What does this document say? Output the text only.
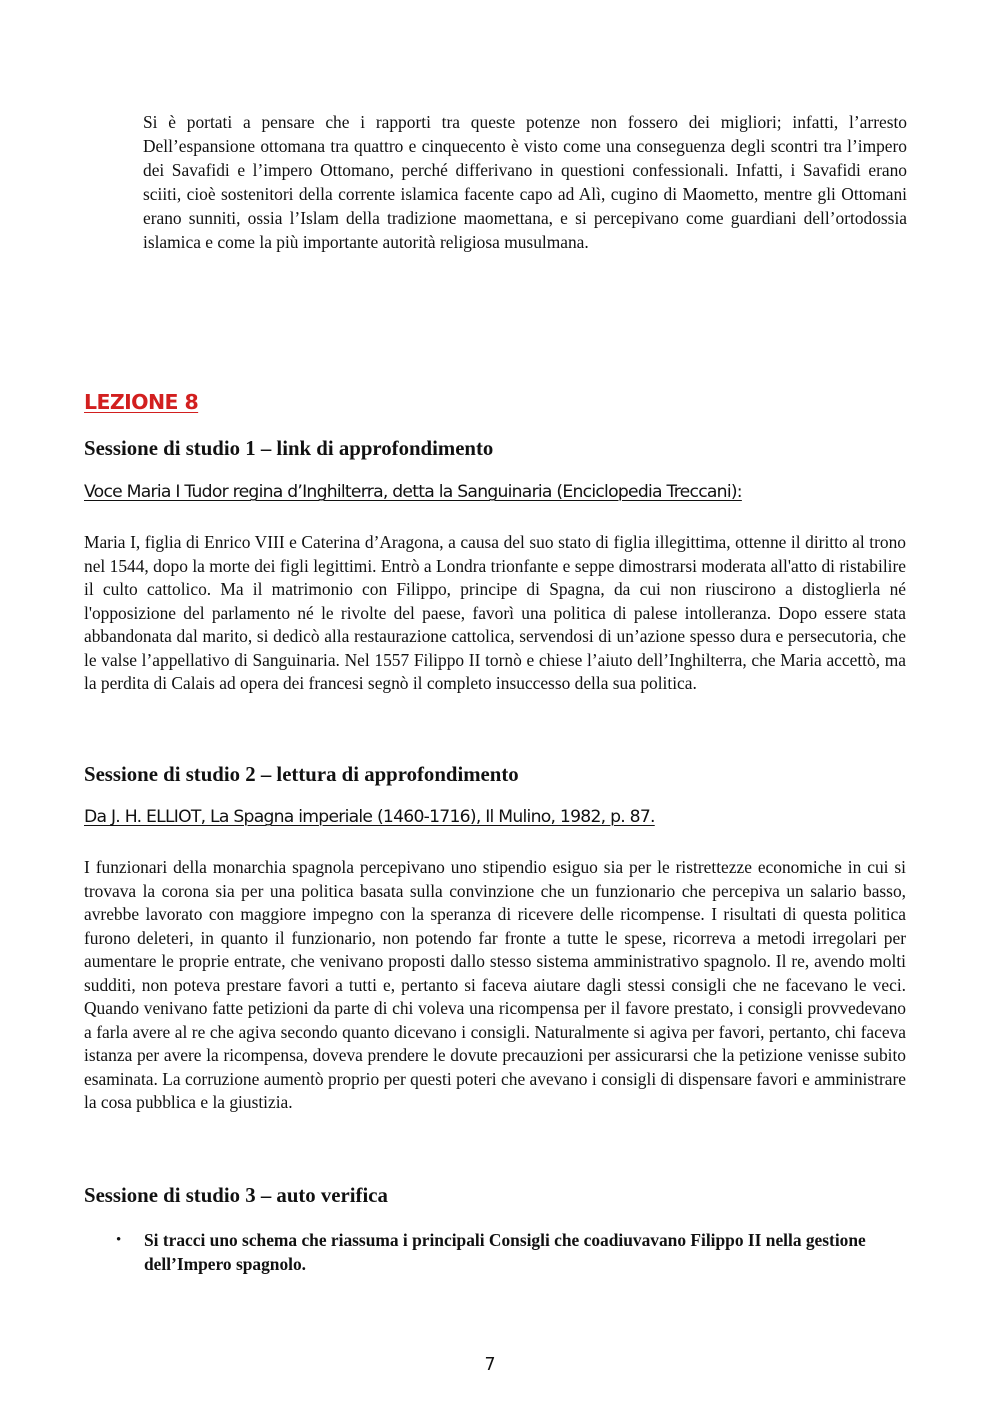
Si è portati a pensare che i rapporti tra queste potenze non fossero dei migliori; infatti, l’arresto Dell’espansione ottomana tra quattro e cinquecento è visto come una conseguenza degli scontri tra l’impero dei Savafidi e l’impero Ottomano, perché differivano in questioni confessionali. Infatti, i Savafidi erano sciiti, cioè sostenitori della corrente islamica facente capo ad Alì, cugino di Maometto, mentre gli Ottomani erano sunniti, ossia l’Islam della tradizione maomettana, e si percepivano come guardiani dell’ortodossia islamica e come la più importante autorità religiosa musulmana.

LEZIONE 8
Sessione di studio 1 – link di approfondimento
Voce Maria I Tudor regina d’Inghilterra, detta la Sanguinaria (Enciclopedia Treccani):

Maria I, figlia di Enrico VIII e Caterina d’Aragona, a causa del suo stato di figlia illegittima, ottenne il diritto al trono nel 1544, dopo la morte dei figli legittimi. Entrò a Londra trionfante e seppe dimostrarsi moderata all'atto di ristabilire il culto cattolico. Ma il matrimonio con Filippo, principe di Spagna, da cui non riuscirono a distoglierla né l'opposizione del parlamento né le rivolte del paese, favorì una politica di palese intolleranza. Dopo essere stata abbandonata dal marito, si dedicò alla restaurazione cattolica, servendosi di un’azione spesso dura e persecutoria, che le valse l’appellativo di Sanguinaria. Nel 1557 Filippo II tornò e chiese l’aiuto dell’Inghilterra, che Maria accettò, ma la perdita di Calais ad opera dei francesi segnò il completo insuccesso della sua politica.

Sessione di studio 2 – lettura di approfondimento
Da J. H. ELLIOT, La Spagna imperiale (1460-1716), Il Mulino, 1982, p. 87.

I funzionari della monarchia spagnola percepivano uno stipendio esiguo sia per le ristrettezze economiche in cui si trovava la corona sia per una politica basata sulla convinzione che un funzionario che percepiva un salario basso, avrebbe lavorato con maggiore impegno con la speranza di ricevere delle ricompense. I risultati di questa politica furono deleteri, in quanto il funzionario, non potendo far fronte a tutte le spese, ricorreva a metodi irregolari per aumentare le proprie entrate, che venivano proposti dallo stesso sistema amministrativo spagnolo. Il re, avendo molti sudditi, non poteva prestare favori a tutti e, pertanto si faceva aiutare dagli stessi consigli che ne facevano le veci. Quando venivano fatte petizioni da parte di chi voleva una ricompensa per il favore prestato, i consigli provvedevano a farla avere al re che agiva secondo quanto dicevano i consigli. Naturalmente si agiva per favori, pertanto, chi faceva istanza per avere la ricompensa, doveva prendere le dovute precauzioni per assicurarsi che la petizione venisse subito esaminata. La corruzione aumentò proprio per questi poteri che avevano i consigli di dispensare favori e amministrare la cosa pubblica e la giustizia.

Sessione di studio 3 – auto verifica
• Si tracci uno schema che riassuma i principali Consigli che coadiuvavano Filippo II nella gestione dell’Impero spagnolo.

7
